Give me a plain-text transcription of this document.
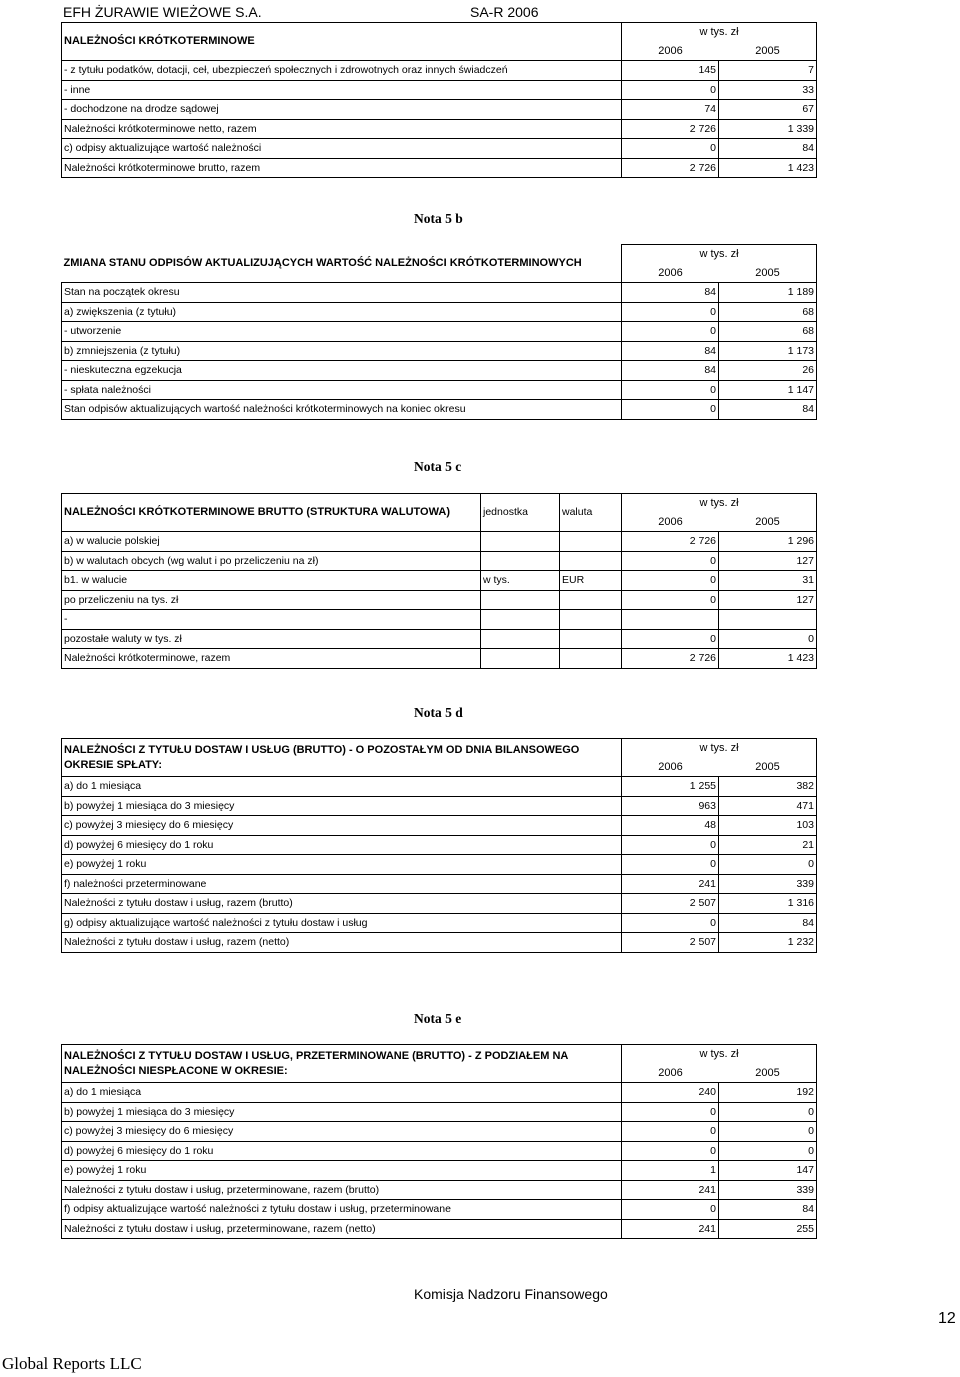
EFH ŻURAWIE WIEŻOWE S.A.	SA-R 2006
NALEŻNOŚCI KRÓTKOTERMINOWE	w tys. zł
2006 2005	

- z tytułu podatków, dotacji, ceł, ubezpieczeń społecznych i zdrowotnych oraz innych świadczeń	145	7
- inne	0	33
- dochodzone na drodze sądowej	74	67
Należności krótkoterminowe netto, razem	2 726	1 339
c) odpisy aktualizujące wartość należności	0	84
Należności krótkoterminowe brutto, razem	2 726	1 423
Nota 5 b
ZMIANA STANU ODPISÓW AKTUALIZUJĄCYCH WARTOŚĆ NALEŻNOŚCI KRÓTKOTERMINOWYCH	w tys. zł
2006 2005	

Stan na początek okresu	84	1 189
a) zwiększenia (z tytułu)	0	68
- utworzenie	0	68
b) zmniejszenia (z tytułu)	84	1 173
- nieskuteczna egzekucja	84	26
- spłata należności	0	1 147
Stan odpisów aktualizujących wartość należności krótkoterminowych na koniec okresu	0	84
Nota 5 c
NALEŻNOŚCI KRÓTKOTERMINOWE BRUTTO (STRUKTURA WALUTOWA)	jednostka	waluta	w tys. zł
2006 2005	

a) w walucie polskiej			2 726	1 296
b) w walutach obcych (wg walut i po przeliczeniu na zł)			0	127
b1. w walucie	w tys.	EUR	0	31
po przeliczeniu na tys. zł			0	127
-				
pozostałe waluty w tys. zł			0	0
Należności krótkoterminowe, razem			2 726	1 423
Nota 5 d
NALEŻNOŚCI Z TYTUŁU DOSTAW I USŁUG (BRUTTO) - O POZOSTAŁYM OD DNIA BILANSOWEGO OKRESIE SPŁATY:	w tys. zł
2006 2005	

a) do 1 miesiąca	1 255	382
b) powyżej 1 miesiąca do 3 miesięcy	963	471
c) powyżej 3 miesięcy do 6 miesięcy	48	103
d) powyżej 6 miesięcy do 1 roku	0	21
e) powyżej 1 roku	0	0
f) należności przeterminowane	241	339
Należności z tytułu dostaw i usług, razem (brutto)	2 507	1 316
g) odpisy aktualizujące wartość należności z tytułu dostaw i usług	0	84
Należności z tytułu dostaw i usług, razem (netto)	2 507	1 232
Nota 5 e
NALEŻNOŚCI Z TYTUŁU DOSTAW I USŁUG, PRZETERMINOWANE (BRUTTO) - Z PODZIAŁEM NA NALEŻNOŚCI NIESPŁACONE W OKRESIE:	w tys. zł
2006 2005	

a) do 1 miesiąca	240	192
b) powyżej 1 miesiąca do 3 miesięcy	0	0
c) powyżej 3 miesięcy do 6 miesięcy	0	0
d) powyżej 6 miesięcy do 1 roku	0	0
e) powyżej 1 roku	1	147
Należności z tytułu dostaw i usług, przeterminowane, razem (brutto)	241	339
f) odpisy aktualizujące wartość należności z tytułu dostaw i usług, przeterminowane	0	84
Należności z tytułu dostaw i usług, przeterminowane, razem (netto)	241	255
Komisja Nadzoru Finansowego
12
Global Reports LLC
